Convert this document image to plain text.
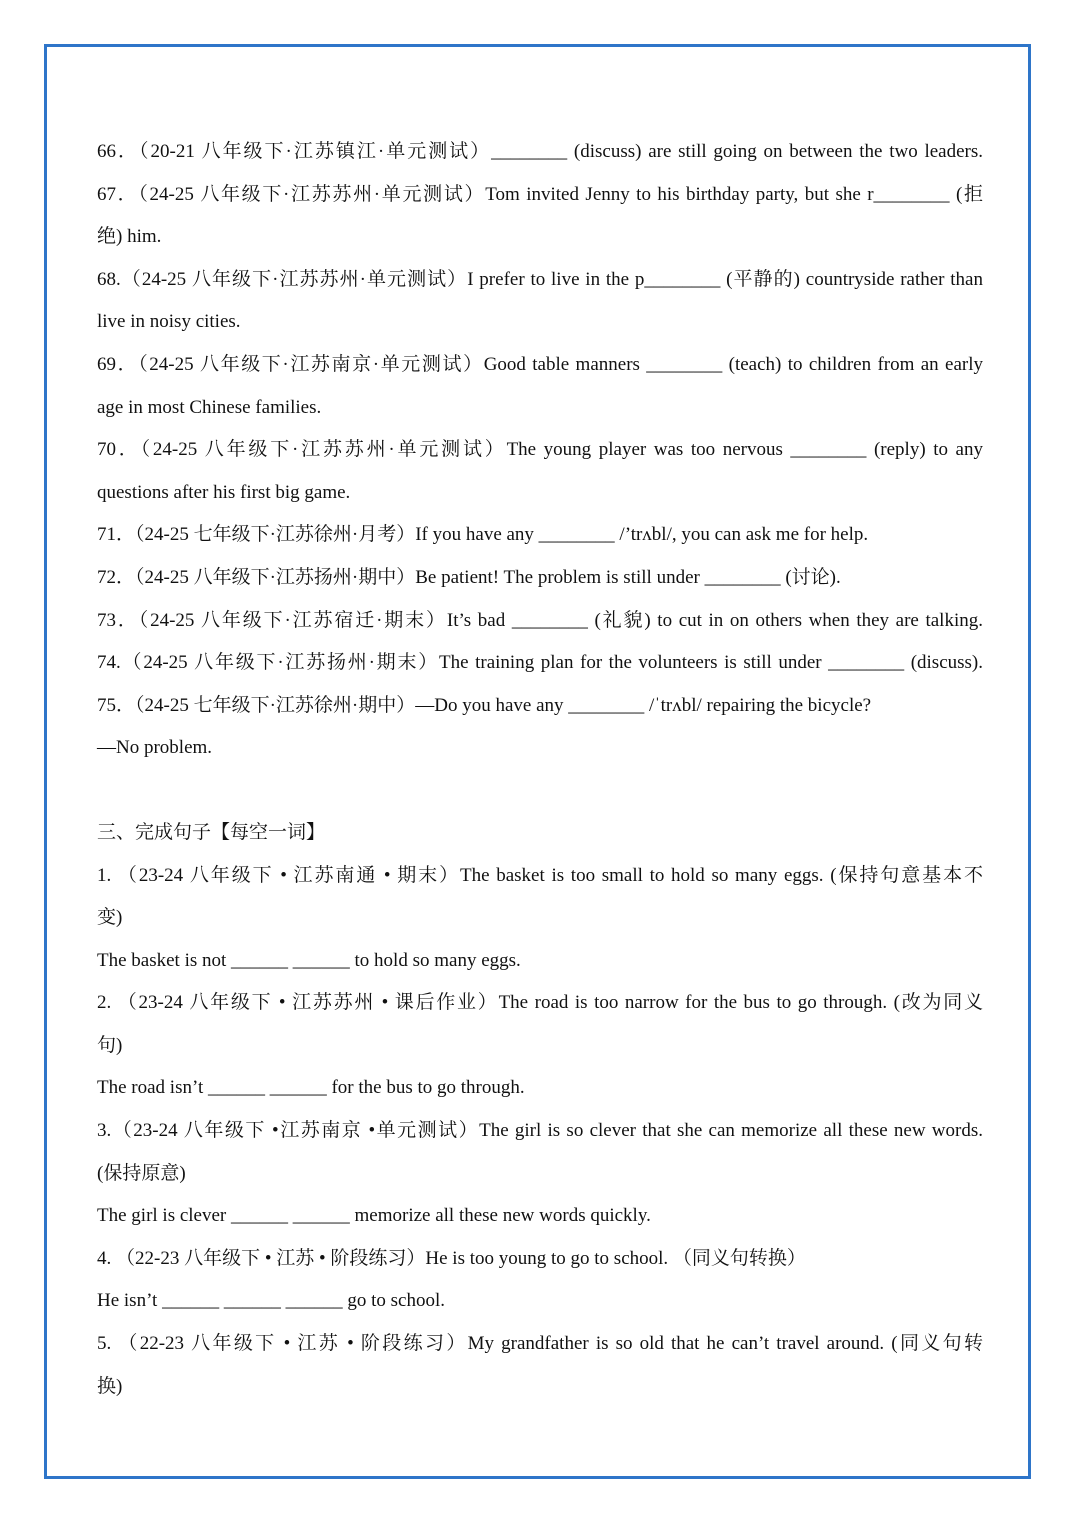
66．（20-21 八年级下·江苏镇江·单元测试）________ (discuss) are still going on between the two leaders.
67．（24-25 八年级下·江苏苏州·单元测试）Tom invited Jenny to his birthday party, but she r________ (拒
绝) him.
68.（24-25 八年级下·江苏苏州·单元测试）I prefer to live in the p________ (平静的) countryside rather than
live in noisy cities.
69．（24-25 八年级下·江苏南京·单元测试）Good table manners ________ (teach) to children from an early
age in most Chinese families.
70．（24-25 八年级下·江苏苏州·单元测试）The young player was too nervous ________ (reply) to any
questions after his first big game.
71．（24-25 七年级下·江苏徐州·月考）If you have any ________ /’trʌbl/, you can ask me for help.
72．（24-25 八年级下·江苏扬州·期中）Be patient! The problem is still under ________ (讨论).
73．（24-25 八年级下·江苏宿迁·期末）It’s bad ________ (礼貌) to cut in on others when they are talking.
74.（24-25 八年级下·江苏扬州·期末）The training plan for the volunteers is still under ________ (discuss).
75．（24-25 七年级下·江苏徐州·期中）—Do you have any ________ /ˈtrʌbl/ repairing the bicycle?
—No problem.
三、完成句子【每空一词】
1. （23-24 八年级下 • 江苏南通 • 期末）The basket is too small to hold so many eggs. (保持句意基本不
变)
The basket is not ______ ______ to hold so many eggs.
2. （23-24 八年级下 • 江苏苏州 • 课后作业）The road is too narrow for the bus to go through. (改为同义
句)
The road isn’t ______ ______ for the bus to go through.
3.（23-24 八年级下 •江苏南京 •单元测试）The girl is so clever that she can memorize all these new words.
(保持原意)
The girl is clever ______ ______ memorize all these new words quickly.
4. （22-23 八年级下 • 江苏 • 阶段练习）He is too young to go to school. （同义句转换）
He isn’t ______ ______ ______ go to school.
5. （22-23 八年级下 • 江苏 • 阶段练习）My grandfather is so old that he can’t travel around. (同义句转
换)
